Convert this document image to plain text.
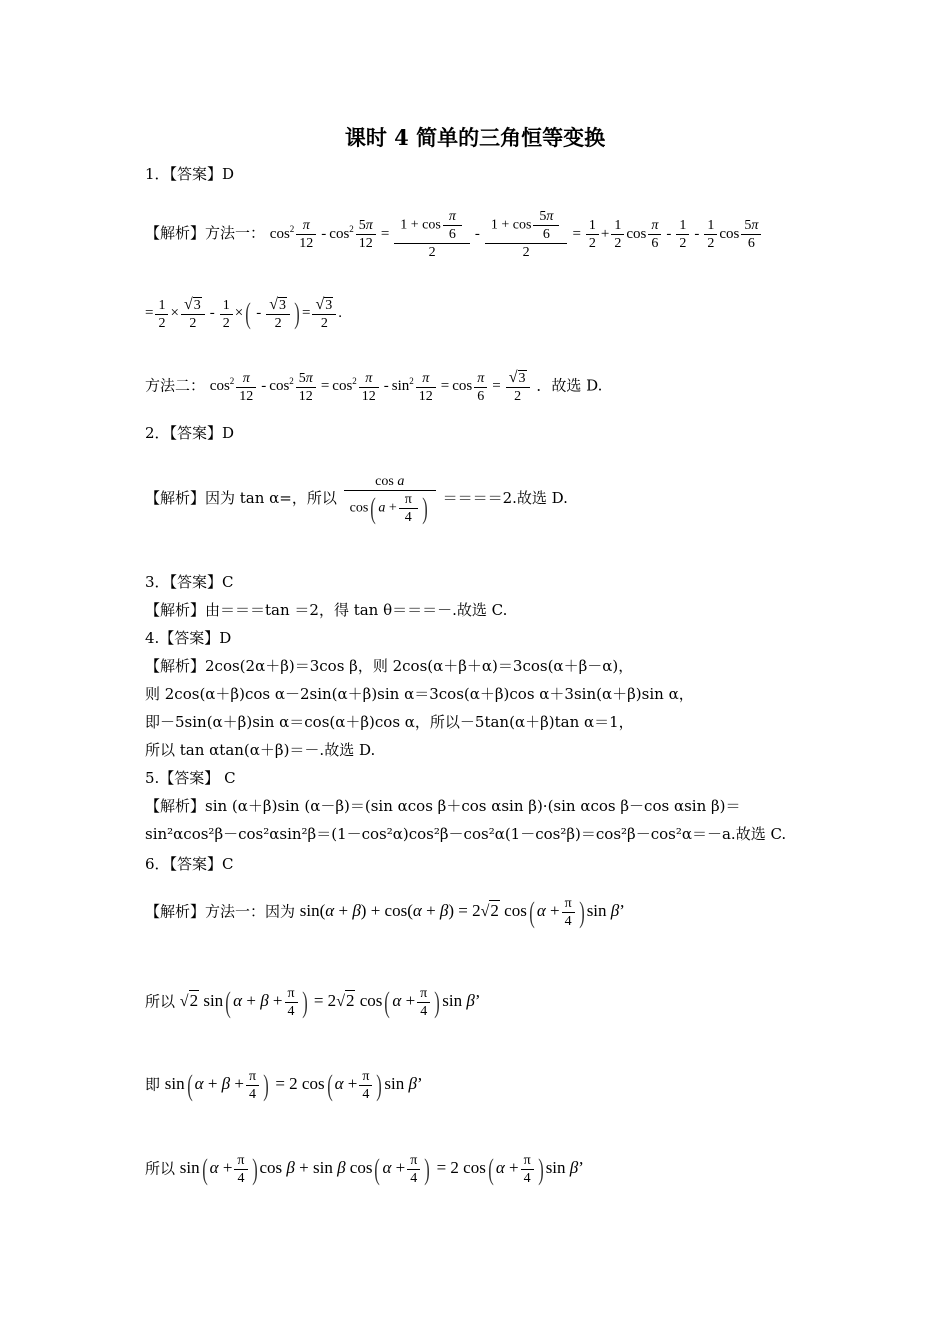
课时 4 简单的三角恒等变换
1．【答案】D
【解析】方法一： $\cos^2 \frac{\pi}{12} - \cos^2 \frac{5\pi}{12} = \frac{1 + \cos \frac{\pi}{6}}{2} - \frac{1 + \cos \frac{5\pi}{6}}{2} = \frac{1}{2} + \frac{1}{2}$ $\cos \frac{\pi}{6} - \frac{1}{2} - \frac{1}{2}$ $\cos \frac{5\pi}{6}$
= $\frac{1}{2} \times \frac{√3}{2} - \frac{1}{2}$ ×( - $\frac{√3}{2}$ ) = $\frac{√3}{2}$ .
方法二： $\cos^2 \frac{\pi}{12} - \cos^2 \frac{5\pi}{12} = \cos^2 \frac{\pi}{12} - \sin^2 \frac{\pi}{12} = \cos \frac{\pi}{6} = \frac{√3}{2}$ ．故选 D.
2．【答案】D
【解析】因为 tan α=，所以 $\frac{\text{cos a}}{\cos( a + \frac{\pi}{4} )} ====2$.故选 D.
3．【答案】C
【解析】由＝＝＝tan ＝2，得 tan θ＝＝＝－.故选 C.
4.【答案】D
【解析】2cos(2α＋β)＝3cos β，则 2cos(α＋β＋α)＝3cos(α＋β－α)，
则 2cos(α＋β)cos α－2sin(α＋β)sin α＝3cos(α＋β)cos α＋3sin(α＋β)sin α，
即－5sin(α＋β)sin α＝cos(α＋β)cos α，所以－5tan(α＋β)tan α＝1，
所以 tan αtan(α＋β)＝－.故选 D.
5.【答案】 C
【解析】sin (α＋β)sin (α－β)＝(sin αcos β＋cos αsin β)·(sin αcos β－cos αsin β)＝
sin²αcos²β－cos²αsin²β＝(1－cos²α)cos²β－cos²α(1－cos²β)＝cos²β－cos²α＝－a.故选 C.
6．【答案】C
【解析】方法一：因为 sin(α + β) + cos(α + β) = 2√2 cos( $\alpha + \frac{\pi}{4}$ ) sin β’
所以 √2 sin( $\alpha + \beta + \frac{\pi}{4}$ ) = 2√2 cos( $\alpha + \frac{\pi}{4}$ ) sin β’
即 sin( $\alpha + \beta + \frac{\pi}{4}$ ) = 2 cos( $\alpha + \frac{\pi}{4}$ ) sin β’
所以 sin( $\alpha + \frac{\pi}{4}$ ) cos β + sin β cos( $\alpha + \frac{\pi}{4}$ ) = 2 cos( $\alpha + \frac{\pi}{4}$ ) sin β’
